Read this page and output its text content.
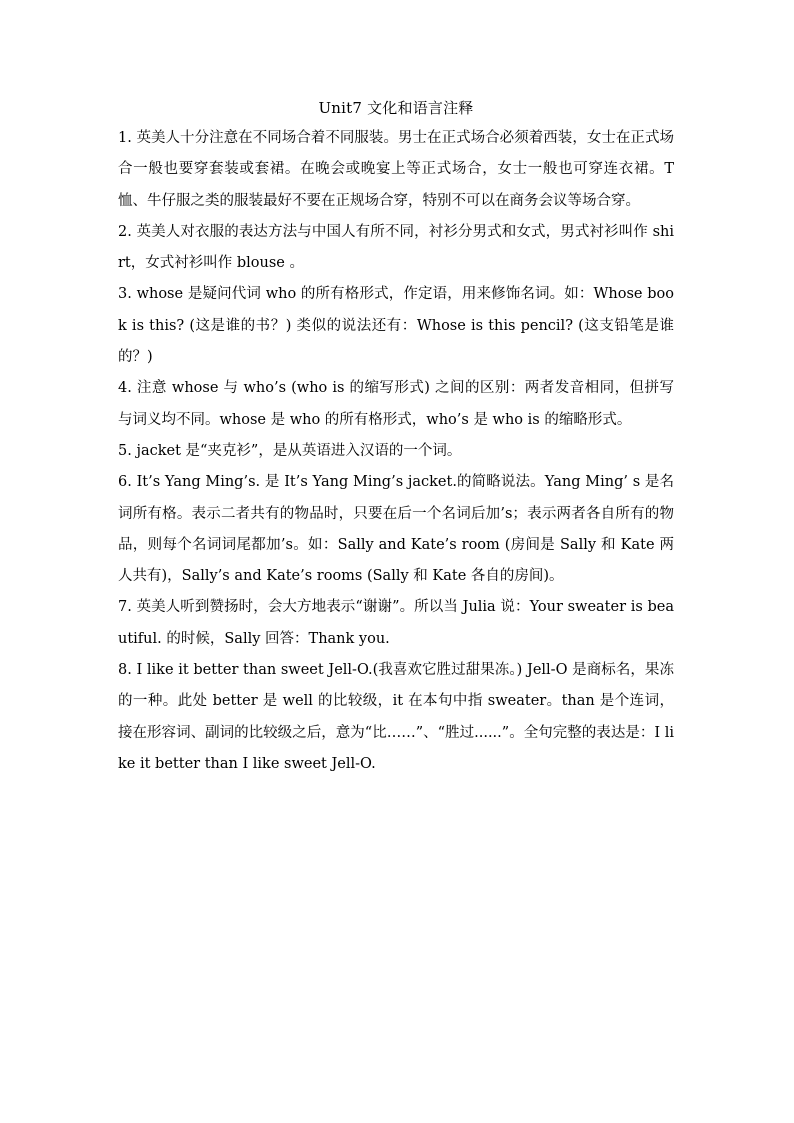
Unit7 文化和语言注释

1. 英美人十分注意在不同场合着不同服装。男士在正式场合必须着西装，女士在正式场合一般也要穿套装或套裙。在晚会或晚宴上等正式场合，女士一般也可穿连衣裙。T恤、牛仔服之类的服装最好不要在正规场合穿，特别不可以在商务会议等场合穿。

2. 英美人对衣服的表达方法与中国人有所不同，衬衫分男式和女式，男式衬衫叫作 shirt，女式衬衫叫作 blouse 。

3. whose 是疑问代词 who 的所有格形式，作定语，用来修饰名词。如：Whose book is this? (这是谁的书？) 类似的说法还有：Whose is this pencil? (这支铅笔是谁的？)

4. 注意 whose 与 who’s (who is 的缩写形式) 之间的区别：两者发音相同，但拼写与词义均不同。whose 是 who 的所有格形式，who’s 是 who is 的缩略形式。

5. jacket 是“夹克衫”，是从英语进入汉语的一个词。

6. It’s Yang Ming’s. 是 It’s Yang Ming’s jacket.的简略说法。Yang Ming’ s 是名词所有格。表示二者共有的物品时，只要在后一个名词后加’s；表示两者各自所有的物品，则每个名词词尾都加’s。如：Sally and Kate’s room (房间是 Sally 和 Kate 两人共有)，Sally’s and Kate’s rooms (Sally 和 Kate 各自的房间)。

7. 英美人听到赞扬时，会大方地表示“谢谢”。所以当 Julia 说：Your sweater is beautiful. 的时候，Sally 回答：Thank you.

8. I like it better than sweet Jell-O.(我喜欢它胜过甜果冻。) Jell-O 是商标名，果冻的一种。此处 better 是 well 的比较级，it 在本句中指 sweater。than 是个连词，接在形容词、副词的比较级之后，意为“比……”、“胜过......”。全句完整的表达是：I like it better than I like sweet Jell-O.
